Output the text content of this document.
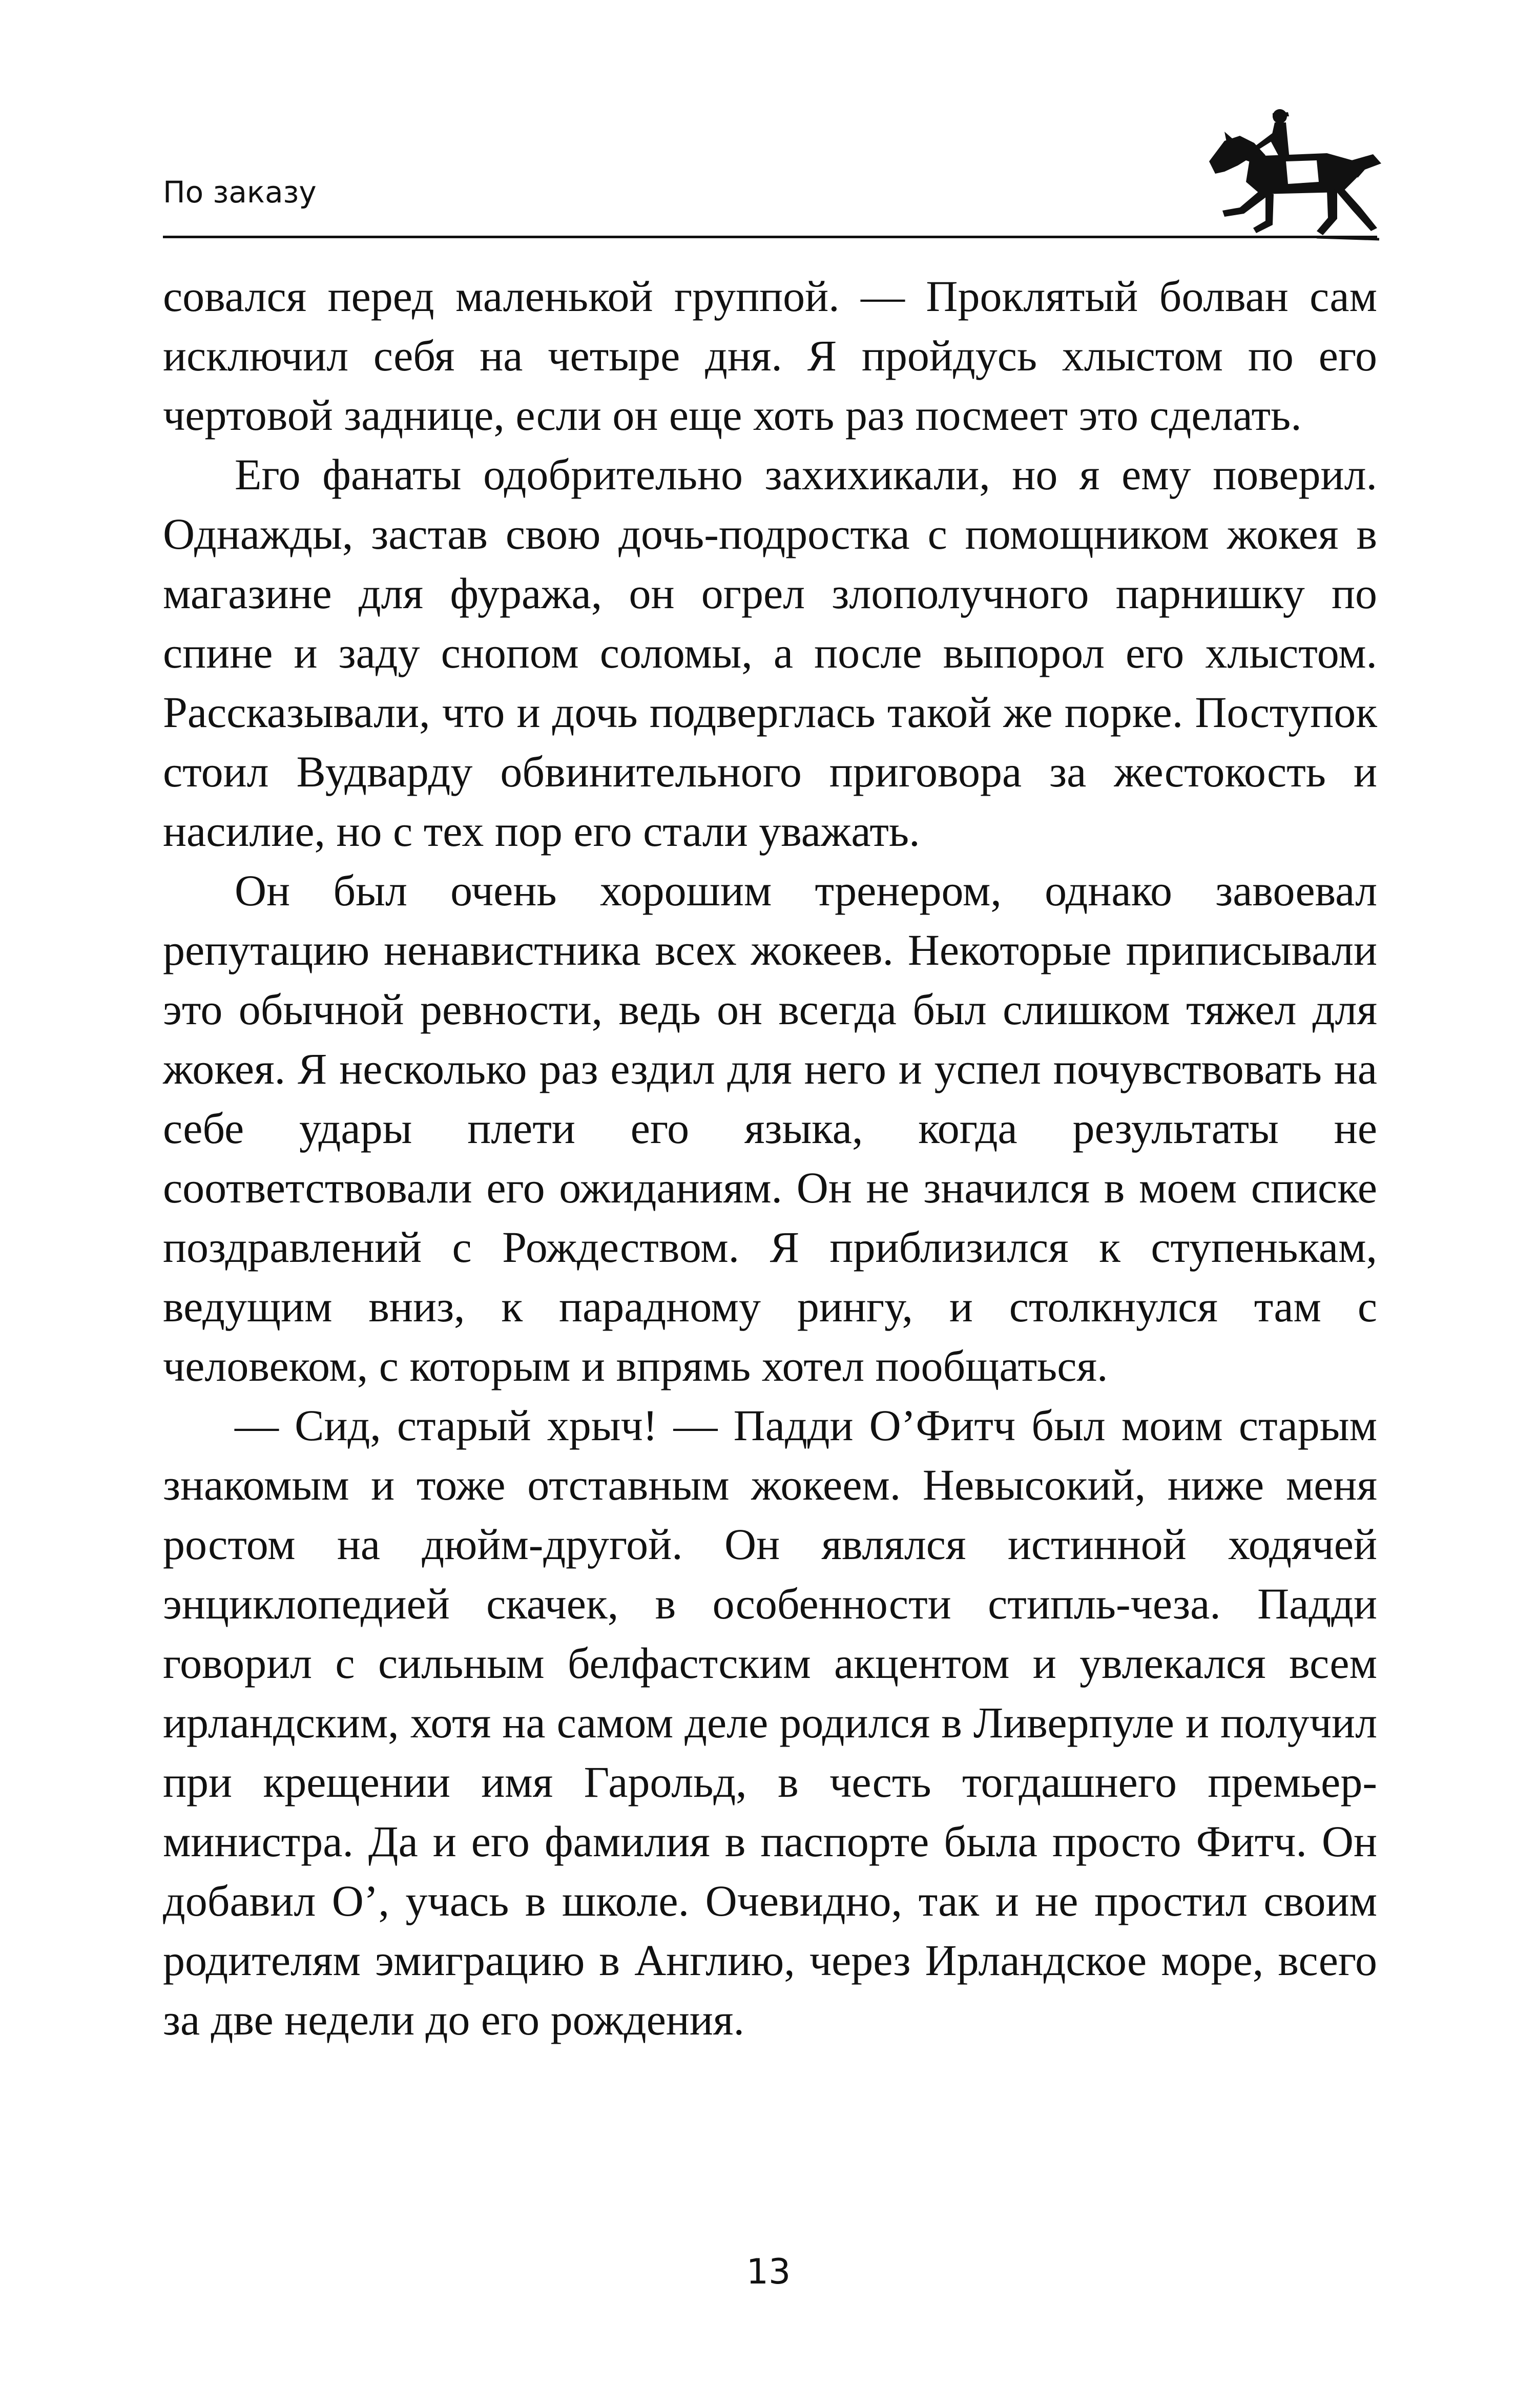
По заказу

совался перед маленькой группой. — Проклятый болван сам исключил себя на четыре дня. Я пройдусь хлыстом по его чертовой заднице, если он еще хоть раз посмеет это сделать.

Его фанаты одобрительно захихикали, но я ему поверил. Однажды, застав свою дочь-подростка с помощником жокея в магазине для фуража, он огрел злополучного парнишку по спине и заду снопом соломы, а после выпорол его хлыстом. Рассказывали, что и дочь подверглась такой же порке. Поступок стоил Вудварду обвинительного приговора за жестокость и насилие, но с тех пор его стали уважать.

Он был очень хорошим тренером, однако завоевал репутацию ненавистника всех жокеев. Некоторые приписывали это обычной ревности, ведь он всегда был слишком тяжел для жокея. Я несколько раз ездил для него и успел почувствовать на себе удары плети его языка, когда результаты не соответствовали его ожиданиям. Он не значился в моем списке поздравлений с Рождеством. Я приблизился к ступенькам, ведущим вниз, к парадному рингу, и столкнулся там с человеком, с которым и впрямь хотел пообщаться.

— Сид, старый хрыч! — Падди О’Фитч был моим старым знакомым и тоже отставным жокеем. Невысокий, ниже меня ростом на дюйм-другой. Он являлся истинной ходячей энциклопедией скачек, в особенности стипль-чеза. Падди говорил с сильным белфастским акцентом и увлекался всем ирландским, хотя на самом деле родился в Ливерпуле и получил при крещении имя Гарольд, в честь тогдашнего премьер-министра. Да и его фамилия в паспорте была просто Фитч. Он добавил О’, учась в школе. Очевидно, так и не простил своим родителям эмиграцию в Англию, через Ирландское море, всего за две недели до его рождения.

13
